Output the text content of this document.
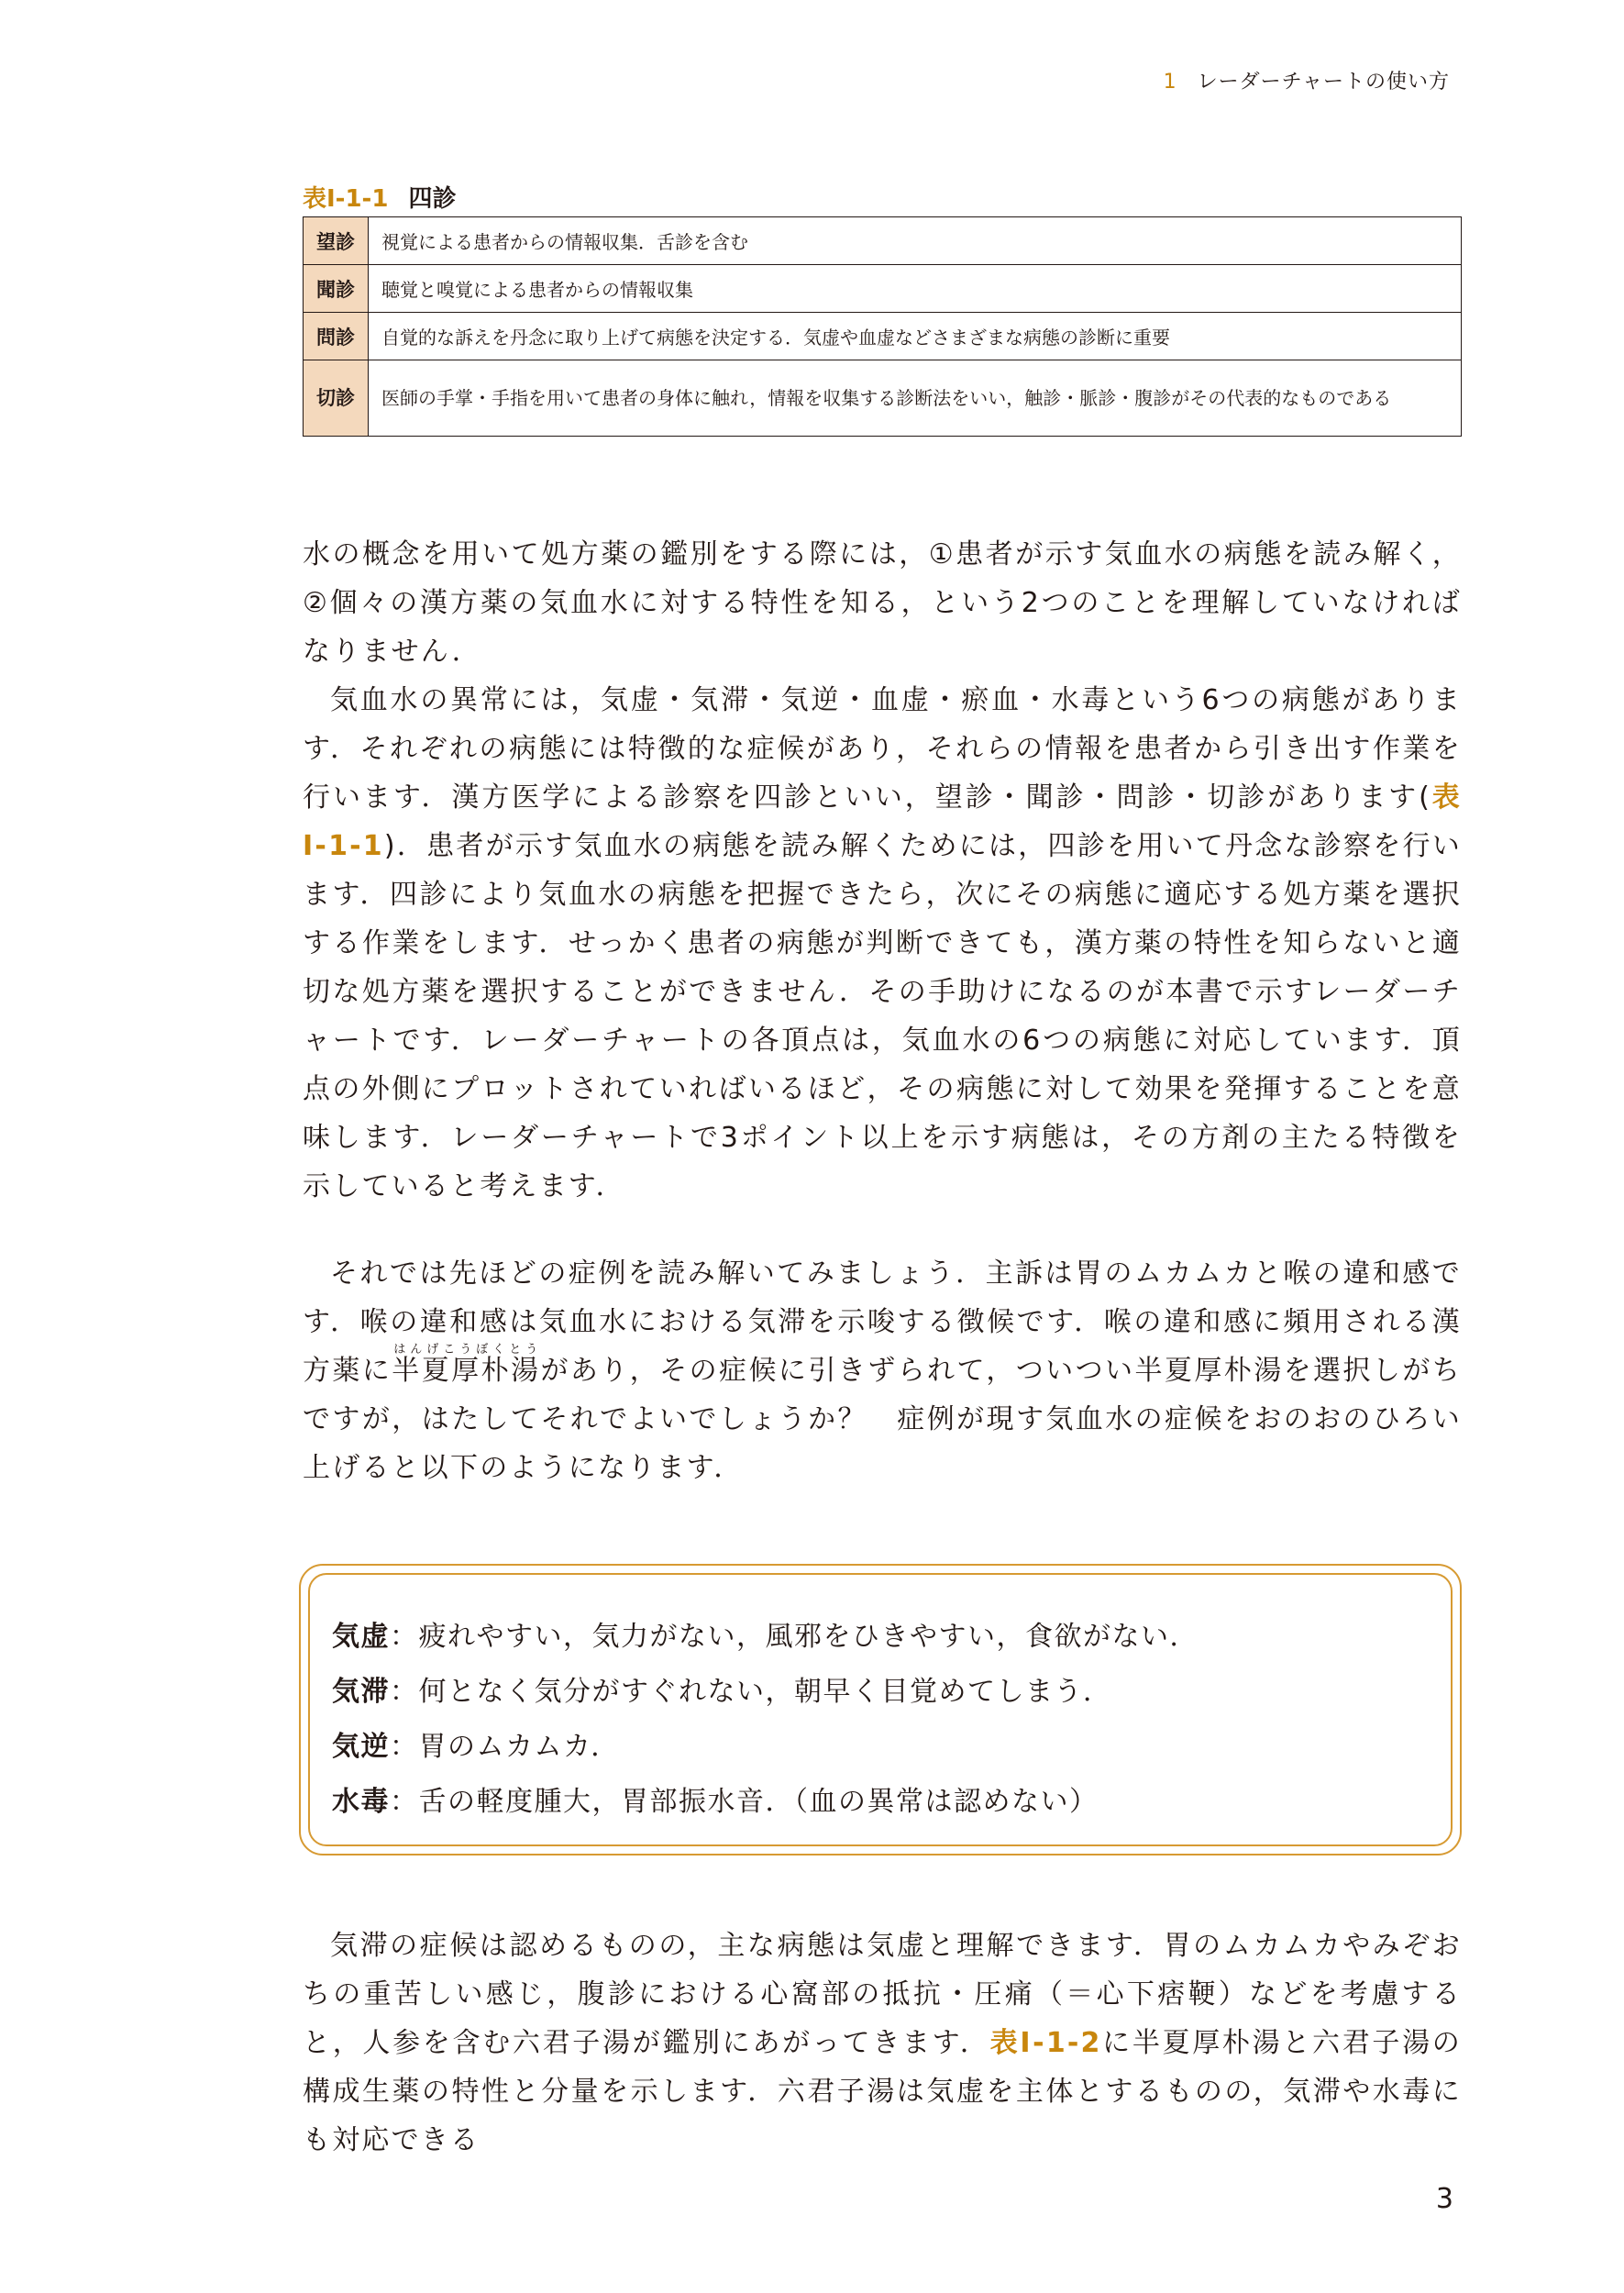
1 レーダーチャートの使い方
表Ⅰ-1-1 四診
望診	視覚による患者からの情報収集．舌診を含む
聞診	聴覚と嗅覚による患者からの情報収集
問診	自覚的な訴えを丹念に取り上げて病態を決定する．気虚や血虚などさまざまな病態の診断に重要
切診	医師の手掌・手指を用いて患者の身体に触れ，情報を収集する診断法をいい，触診・脈診・腹診がその代表的なものである

水の概念を用いて処方薬の鑑別をする際には，①患者が示す気血水の病態を読み解く，②個々の漢方薬の気血水に対する特性を知る，という2つのことを理解していなければなりません．

気血水の異常には，気虚・気滞・気逆・血虚・瘀血・水毒という6つの病態があります．それぞれの病態には特徴的な症候があり，それらの情報を患者から引き出す作業を行います．漢方医学による診察を四診といい，望診・聞診・問診・切診があります(表Ⅰ-1-1)．患者が示す気血水の病態を読み解くためには，四診を用いて丹念な診察を行います．四診により気血水の病態を把握できたら，次にその病態に適応する処方薬を選択する作業をします．せっかく患者の病態が判断できても，漢方薬の特性を知らないと適切な処方薬を選択することができません．その手助けになるのが本書で示すレーダーチャートです．レーダーチャートの各頂点は，気血水の6つの病態に対応しています．頂点の外側にプロットされていればいるほど，その病態に対して効果を発揮することを意味します．レーダーチャートで3ポイント以上を示す病態は，その方剤の主たる特徴を示していると考えます．

それでは先ほどの症例を読み解いてみましょう．主訴は胃のムカムカと喉の違和感です．喉の違和感は気血水における気滞を示唆する徴候です．喉の違和感に頻用される漢方薬に半夏厚朴湯はんげこうぼくとうがあり，その症候に引きずられて，ついつい半夏厚朴湯を選択しがちですが，はたしてそれでよいでしょうか？　症例が現す気血水の症候をおのおのひろい上げると以下のようになります．

気虚：疲れやすい，気力がない，風邪をひきやすい，食欲がない．
気滞：何となく気分がすぐれない，朝早く目覚めてしまう．
気逆：胃のムカムカ．
水毒：舌の軽度腫大，胃部振水音．（血の異常は認めない）

気滞の症候は認めるものの，主な病態は気虚と理解できます．胃のムカムカやみぞおちの重苦しい感じ，腹診における心窩部の抵抗・圧痛（＝心下痞鞕）などを考慮すると，人参を含む六君子湯が鑑別にあがってきます．表Ⅰ-1-2に半夏厚朴湯と六君子湯の構成生薬の特性と分量を示します．六君子湯は気虚を主体とするものの，気滞や水毒にも対応できる

3
